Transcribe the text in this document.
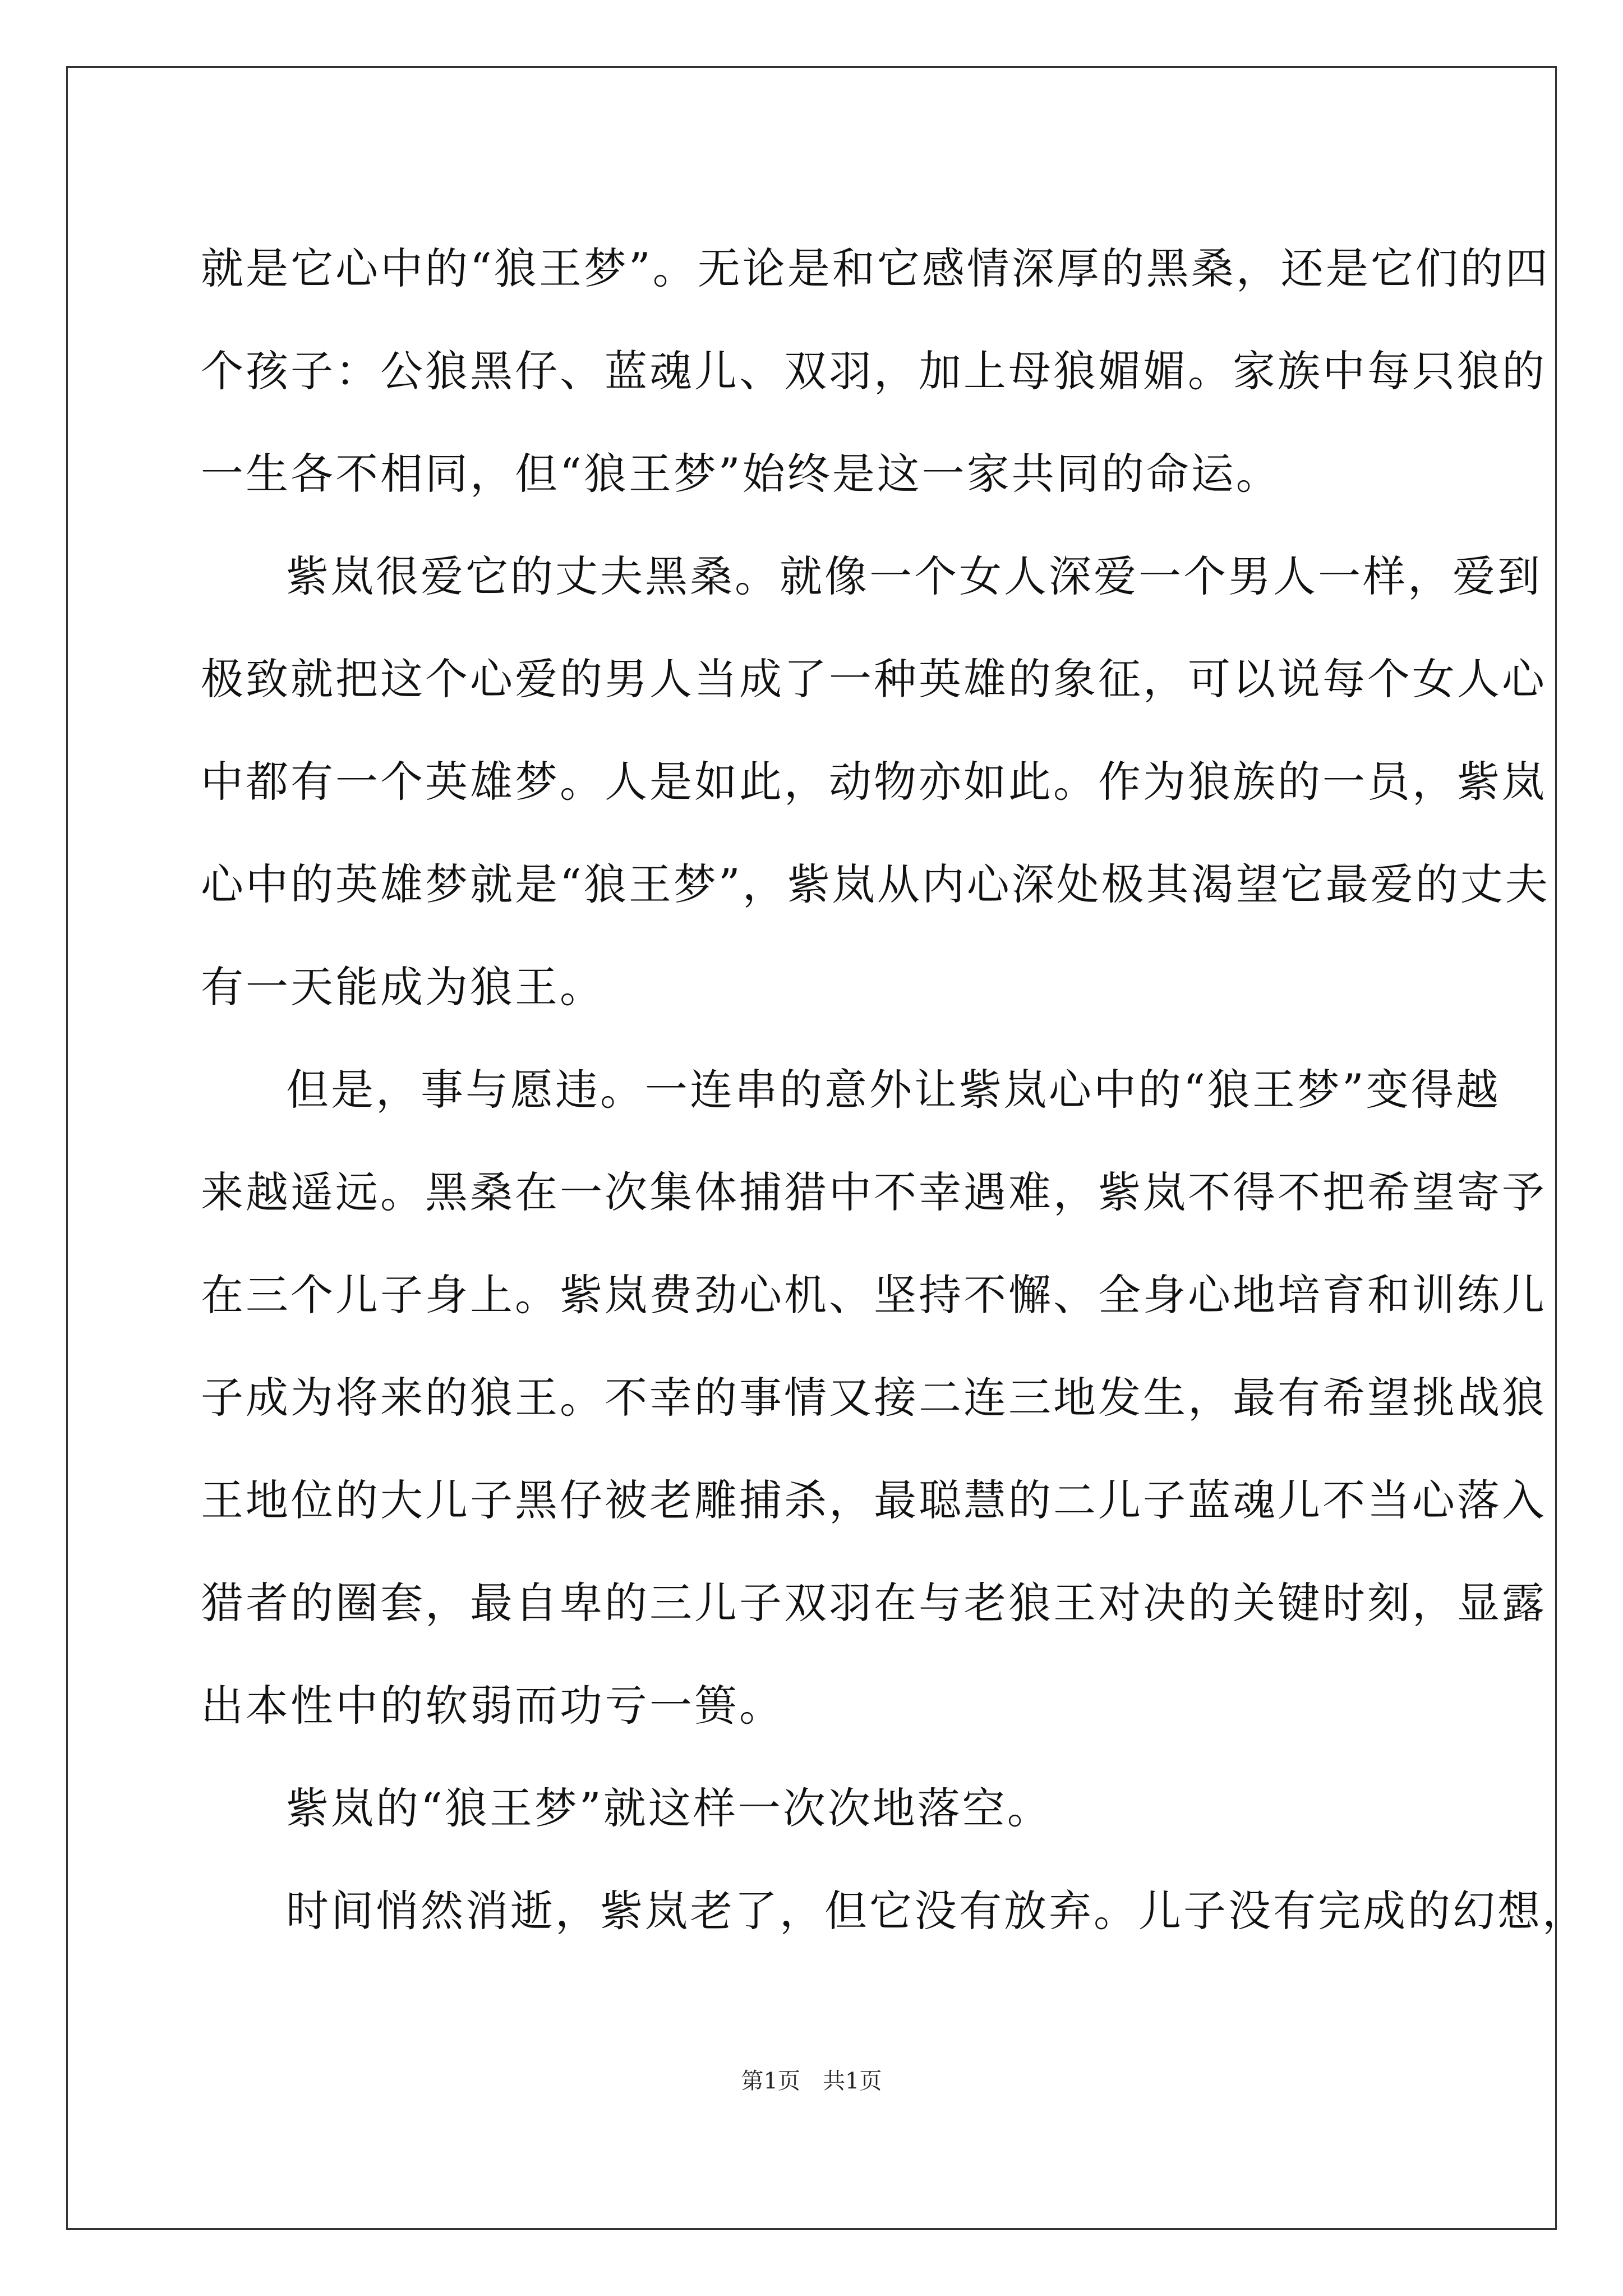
就是它心中的“狼王梦”。无论是和它感情深厚的黑桑，还是它们的四
个孩子：公狼黑仔、蓝魂儿、双羽，加上母狼媚媚。家族中每只狼的
一生各不相同，但“狼王梦”始终是这一家共同的命运。
紫岚很爱它的丈夫黑桑。就像一个女人深爱一个男人一样，爱到
极致就把这个心爱的男人当成了一种英雄的象征，可以说每个女人心
中都有一个英雄梦。人是如此，动物亦如此。作为狼族的一员，紫岚
心中的英雄梦就是“狼王梦”，紫岚从内心深处极其渴望它最爱的丈夫
有一天能成为狼王。
但是，事与愿违。一连串的意外让紫岚心中的“狼王梦”变得越
来越遥远。黑桑在一次集体捕猎中不幸遇难，紫岚不得不把希望寄予
在三个儿子身上。紫岚费劲心机、坚持不懈、全身心地培育和训练儿
子成为将来的狼王。不幸的事情又接二连三地发生，最有希望挑战狼
王地位的大儿子黑仔被老雕捕杀，最聪慧的二儿子蓝魂儿不当心落入
猎者的圈套，最自卑的三儿子双羽在与老狼王对决的关键时刻，显露
出本性中的软弱而功亏一篑。
紫岚的“狼王梦”就这样一次次地落空。
时间悄然消逝，紫岚老了，但它没有放弃。儿子没有完成的幻想，
第1页 共1页
